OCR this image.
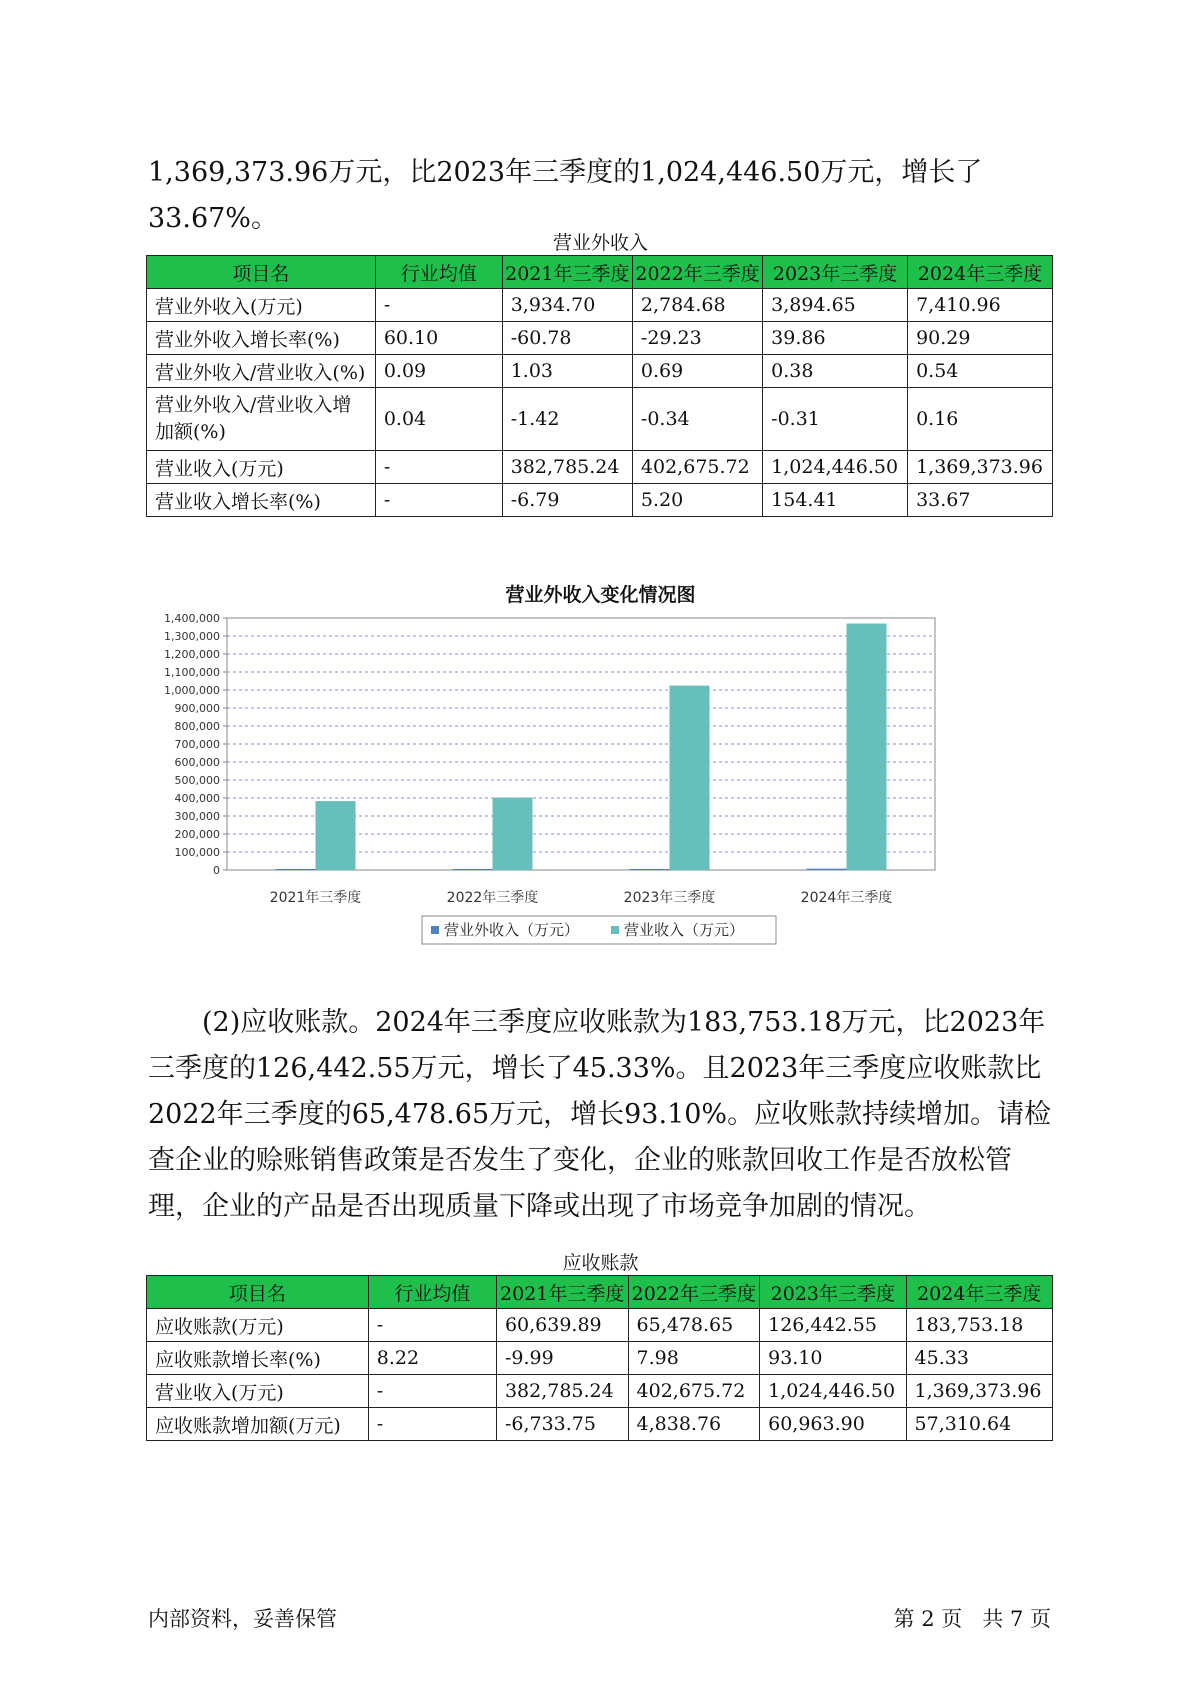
1,369,373.96万元，比2023年三季度的1,024,446.50万元，增长了33.67%。

营业外收入
项目名	行业均值	2021年三季度	2022年三季度	2023年三季度	2024年三季度
营业外收入(万元)	-	3,934.70	2,784.68	3,894.65	7,410.96
营业外收入增长率(%)	60.10	-60.78	-29.23	39.86	90.29
营业外收入/营业收入(%)	0.09	1.03	0.69	0.38	0.54
营业外收入/营业收入增加额(%)	0.04	-1.42	-0.34	-0.31	0.16
营业收入(万元)	-	382,785.24	402,675.72	1,024,446.50	1,369,373.96
营业收入增长率(%)	-	-6.79	5.20	154.41	33.67
营业外收入变化情况图
0
100,000
200,000
300,000
400,000
500,000
600,000
700,000
800,000
900,000
1,000,000
1,100,000
1,200,000
1,300,000
1,400,000
2021年三季度	2022年三季度	2023年三季度	2024年三季度
营业外收入（万元）	营业收入（万元）

(2)应收账款。2024年三季度应收账款为183,753.18万元，比2023年三季度的126,442.55万元，增长了45.33%。且2023年三季度应收账款比2022年三季度的65,478.65万元，增长93.10%。应收账款持续增加。请检查企业的赊账销售政策是否发生了变化，企业的账款回收工作是否放松管理，企业的产品是否出现质量下降或出现了市场竞争加剧的情况。

应收账款
项目名	行业均值	2021年三季度	2022年三季度	2023年三季度	2024年三季度
应收账款(万元)	-	60,639.89	65,478.65	126,442.55	183,753.18
应收账款增长率(%)	8.22	-9.99	7.98	93.10	45.33
营业收入(万元)	-	382,785.24	402,675.72	1,024,446.50	1,369,373.96
应收账款增加额(万元)	-	-6,733.75	4,838.76	60,963.90	57,310.64
内部资料，妥善保管	第 2 页   共 7 页
